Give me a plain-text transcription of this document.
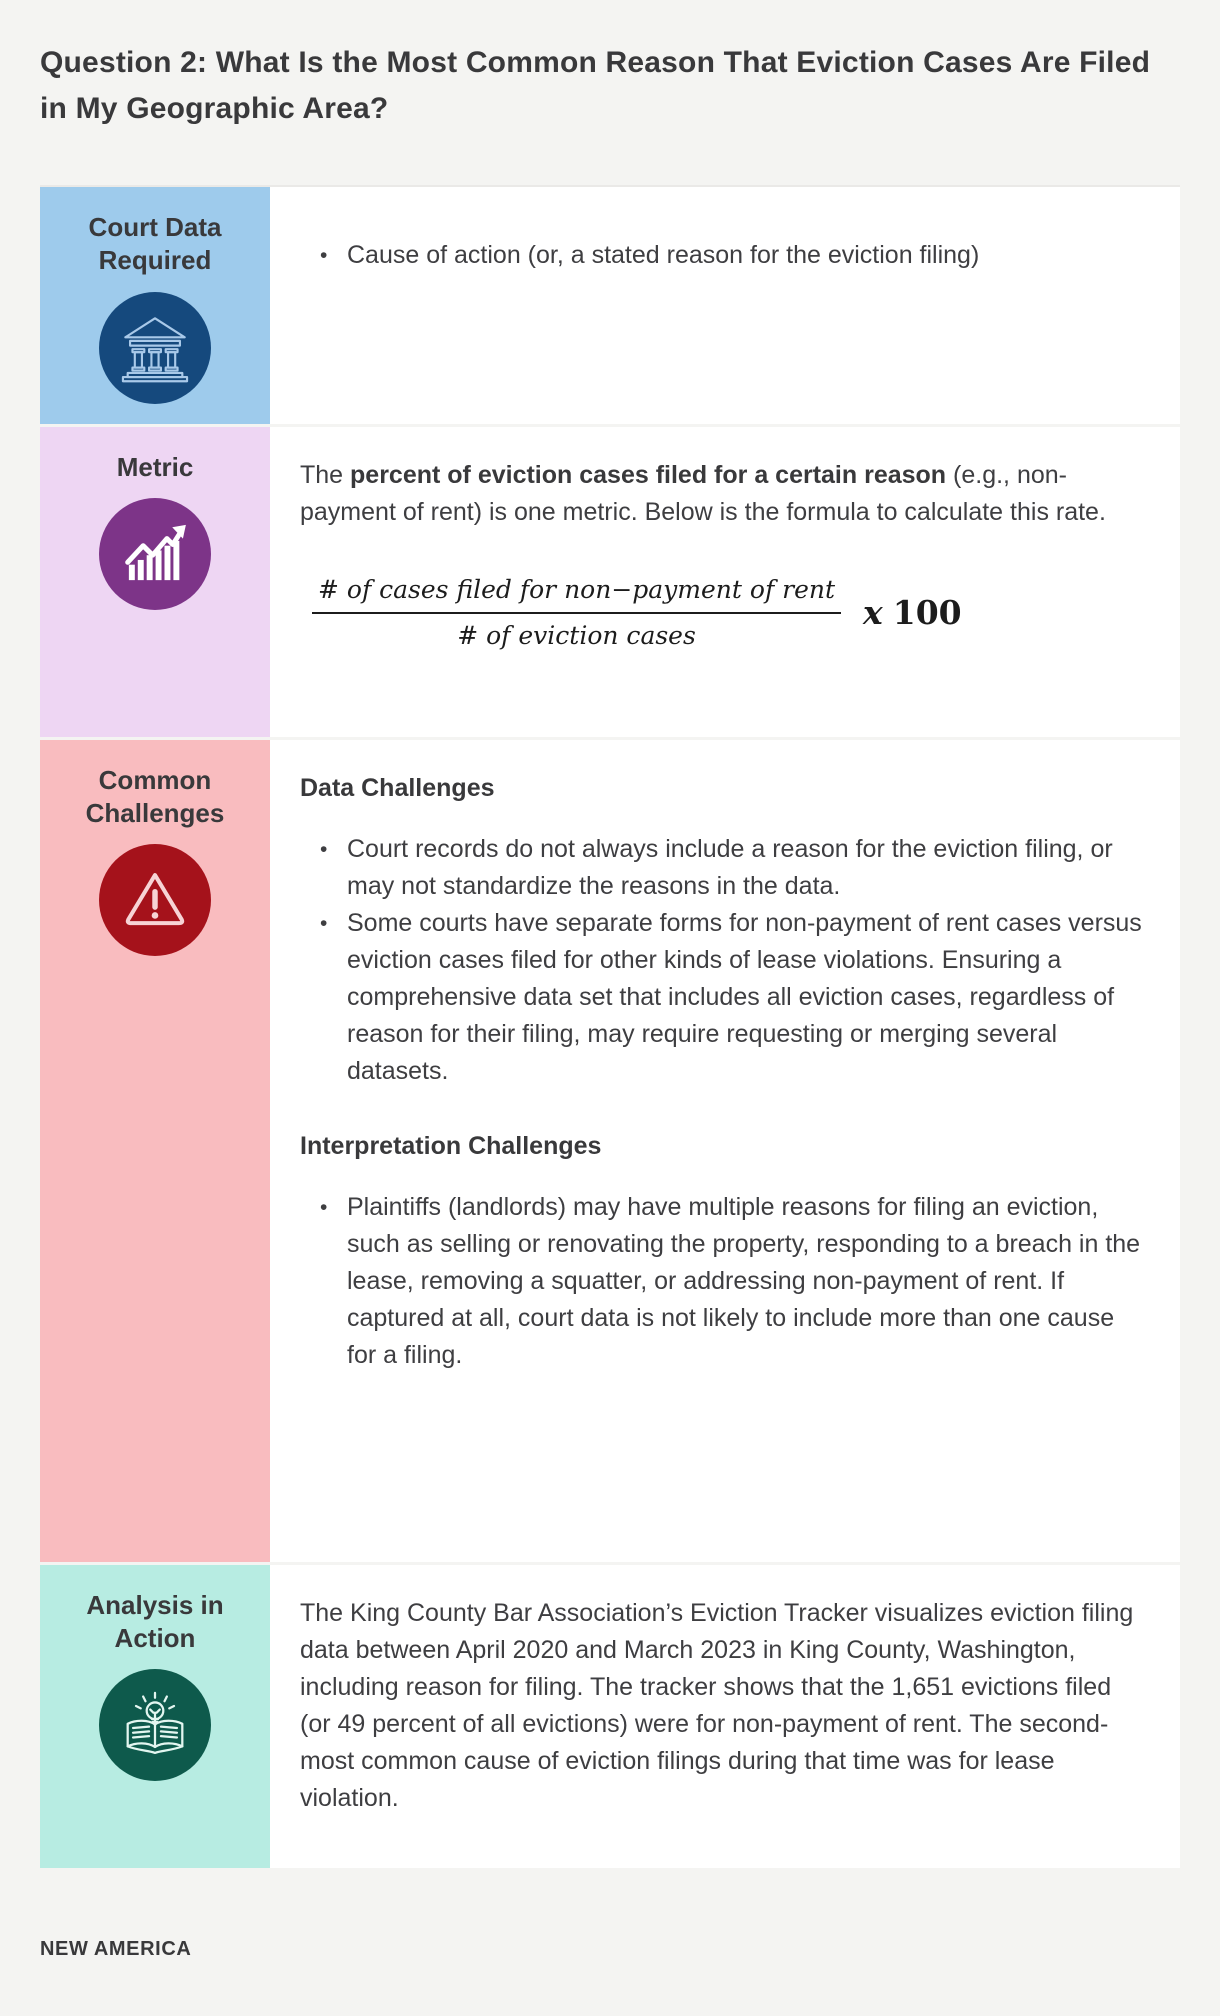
Question 2: What Is the Most Common Reason That Eviction Cases Are Filed in My Geographic Area?
Court Data Required	• Cause of action (or, a stated reason for the eviction filing)
Metric	The percent of eviction cases filed for a certain reason (e.g., non-payment of rent) is one metric. Below is the formula to calculate this rate.

$\frac{\text{\# of cases filed for non−payment of rent}}{\text{\# of eviction cases}}$ x 100
Common Challenges
Data Challenges
• Court records do not always include a reason for the eviction filing, or may not standardize the reasons in the data.
• Some courts have separate forms for non-payment of rent cases versus eviction cases filed for other kinds of lease violations. Ensuring a comprehensive data set that includes all eviction cases, regardless of reason for their filing, may require requesting or merging several datasets.
Interpretation Challenges
• Plaintiffs (landlords) may have multiple reasons for filing an eviction, such as selling or renovating the property, responding to a breach in the lease, removing a squatter, or addressing non-payment of rent. If captured at all, court data is not likely to include more than one cause for a filing.
Analysis in Action

The King County Bar Association’s Eviction Tracker visualizes eviction filing data between April 2020 and March 2023 in King County, Washington, including reason for filing. The tracker shows that the 1,651 evictions filed (or 49 percent of all evictions) were for non-payment of rent. The second-most common cause of eviction filings during that time was for lease violation.

NEW AMERICA
